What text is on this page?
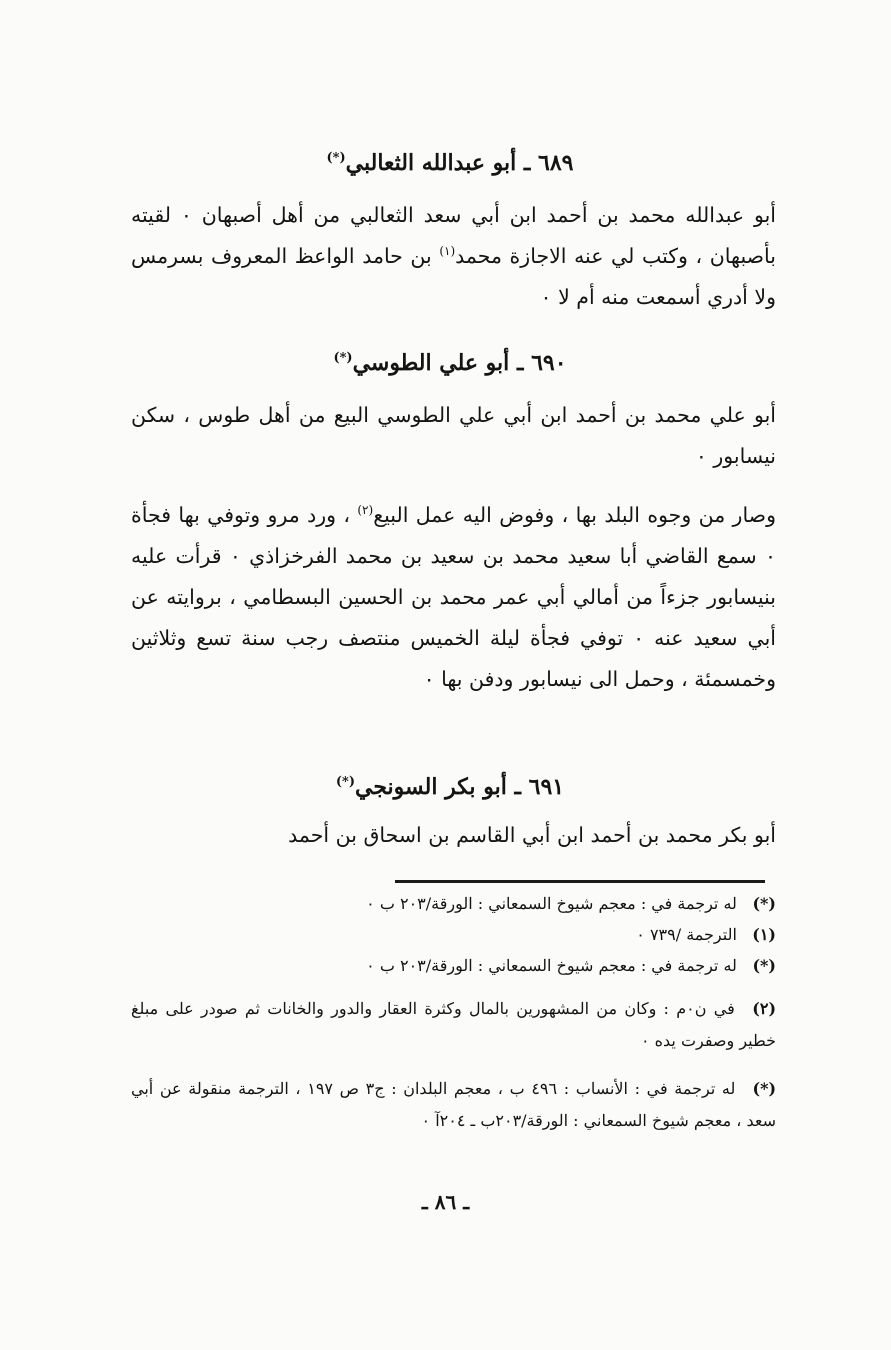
٦٨٩ ـ أبو عبدالله الثعالبي(*)
أبو عبدالله محمد بن أحمد ابن أبي سعد الثعالبي من أهل أصبهان ٠ لقيته بأصبهان ، وكتب لي عنه الاجازة محمد$^{(١)}$ بن حامد الواعظ المعروف بسرمس ولا أدري أسمعت منه أم لا ٠
٦٩٠ ـ أبو علي الطوسي(*)
أبو علي محمد بن أحمد ابن أبي علي الطوسي البيع من أهل طوس ، سكن نيسابور ٠
وصار من وجوه البلد بها ، وفوض اليه عمل البيع$^{(٢)}$ ، ورد مرو وتوفي بها فجأة ٠ سمع القاضي أبا سعيد محمد بن سعيد بن محمد الفرخزاذي ٠ قرأت عليه بنيسابور جزءاً من أمالي أبي عمر محمد بن الحسين البسطامي ، بروايته عن أبي سعيد عنه ٠ توفي فجأة ليلة الخميس منتصف رجب سنة تسع وثلاثين وخمسمئة ، وحمل الى نيسابور ودفن بها ٠
٦٩١ ـ أبو بكر السونجي(*)
أبو بكر محمد بن أحمد ابن أبي القاسم بن اسحاق بن أحمد
(*) له ترجمة في : معجم شيوخ السمعاني : الورقة/٢٠٣ ب ٠
(١) الترجمة /٧٣٩ ٠
(*) له ترجمة في : معجم شيوخ السمعاني : الورقة/٢٠٣ ب ٠
(٢) في ن٠م : وكان من المشهورين بالمال وكثرة العقار والدور والخانات ثم صودر على مبلغ خطير وصفرت يده ٠
(*) له ترجمة في : الأنساب : ٤٩٦ ب ، معجم البلدان : ج٣ ص ١٩٧ ، الترجمة منقولة عن أبي سعد ، معجم شيوخ السمعاني : الورقة/٢٠٣ب ـ ٢٠٤آ ٠
ـ ٨٦ ـ
